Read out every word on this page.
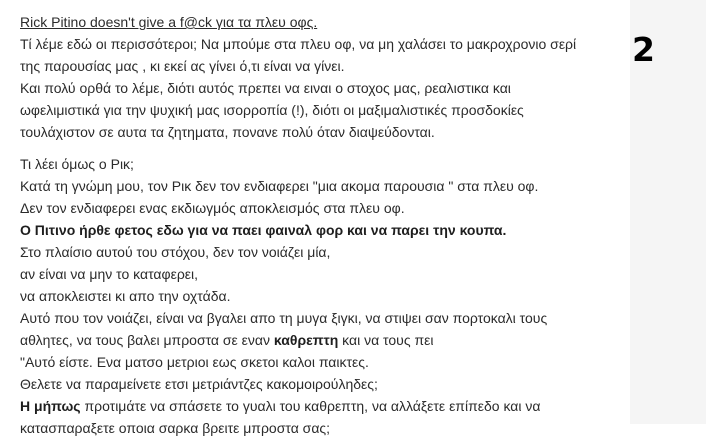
Rick Pitino doesn't give a f@ck για τα πλευ οφς.
Τί λέμε εδώ οι περισσότεροι; Να μπούμε στα πλευ οφ, να μη χαλάσει το μακροχρονιο σερί
της παρουσίας μας , κι εκεί ας γίνει ό,τι είναι να γίνει.
Και πολύ ορθά το λέμε, διότι αυτός πρεπει να ειναι ο στοχος μας, ρεαλιστικα και
ωφελιμιστικά για την ψυχική μας ισορροπία (!), διότι οι μαξιμαλιστικές προσδοκίες
τουλάχιστον σε αυτα τα ζητηματα, πονανε πολύ όταν διαψεύδονται.
Τι λέει όμως ο Ρικ;
Κατά τη γνώμη μου, τον Ρικ δεν τον ενδιαφερει "μια ακομα παρουσια " στα πλευ οφ.
Δεν τον ενδιαφερει ενας εκδιωγμός αποκλεισμός στα πλευ οφ.
Ο Πιτινο ήρθε φετος εδω για να παει φαιναλ φορ και να παρει την κουπα.
Στο πλαίσιο αυτού του στόχου, δεν τον νοιάζει μία,
αν είναι να μην το καταφερει,
να αποκλειστει κι απο την οχτάδα.
Αυτό που τον νοιάζει, είναι να βγαλει απο τη μυγα ξιγκι, να στιψει σαν πορτοκαλι τους
αθλητες, να τους βαλει μπροστα σε εναν καθρεπτη και να τους πει
"Αυτό είστε. Ενα ματσο μετριοι εως σκετοι καλοι παικτες.
Θελετε να παραμείνετε ετσι μετριάντζες κακομοιρούληδες;
Η μήπως προτιμάτε να σπάσετε το γυαλι του καθρεπτη, να αλλάξετε επίπεδο και να
κατασπαραξετε οποια σαρκα βρειτε μπροστα σας;
2
